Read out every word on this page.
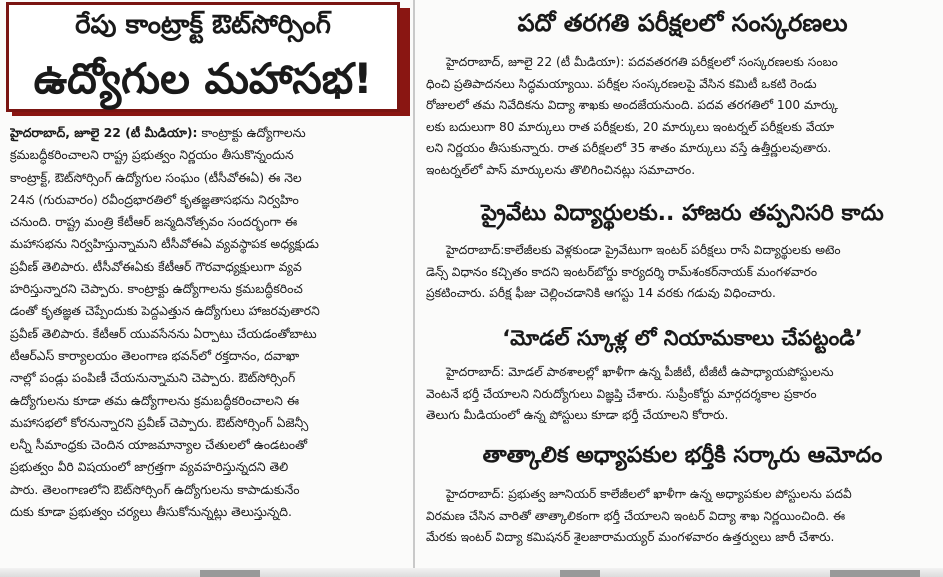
రేపు కాంట్రాక్ట్ ఔట్‌సోర్సింగ్
ఉద్యోగుల మహాసభ!
హైదరాబాద్, జూలై 22 (టీ మీడియా): కాంట్రాక్టు ఉద్యోగాలను
క్రమబద్ధీకరించాలని రాష్ట్ర ప్రభుత్వం నిర్ణయం తీసుకొన్నందున
కాంట్రాక్ట్, ఔట్‌సోర్సింగ్ ఉద్యోగుల సంఘం (టీసీవోఈఏ) ఈ నెల
24న (గురువారం) రవీంద్రభారతిలో కృతజ్ఞతాసభను నిర్వహిం
చనుంది. రాష్ట్ర మంత్రి కేటీఆర్ జన్మదినోత్సవం సందర్భంగా ఈ
మహాసభను నిర్వహిస్తున్నామని టీసీవోఈఏ వ్యవస్థాపక అధ్యక్షుడు
ప్రవీణ్ తెలిపారు. టీసీవోఈఏకు కేటీఆర్ గౌరవాధ్యక్షులుగా వ్యవ
హరిస్తున్నారని చెప్పారు. కాంట్రాక్టు ఉద్యోగాలను క్రమబద్ధీకరించ
డంతో కృతజ్ఞత చెప్పేందుకు పెద్దఎత్తున ఉద్యోగులు హాజరవుతారని
ప్రవీణ్ తెలిపారు. కేటీఆర్ యువసేనను ఏర్పాటు చేయడంతోబాటు
టీఆర్ఎస్ కార్యాలయం తెలంగాణ భవన్‌లో రక్తదానం, దవాఖా
నాల్లో పండ్లు పంపిణీ చేయనున్నామని చెప్పారు. ఔట్‌సోర్సింగ్
ఉద్యోగులను కూడా తమ ఉద్యోగాలను క్రమబద్ధీకరించాలని ఈ
మహాసభలో కోరనున్నారని ప్రవీణ్ చెప్పారు. ఔట్‌సోర్సింగ్ ఏజెన్సీ
లన్నీ సీమాంధ్రకు చెందిన యాజమాన్యాల చేతులలో ఉండటంతో
ప్రభుత్వం వీరి విషయంలో జాగ్రత్తగా వ్యవహరిస్తున్నదని తెలి
పారు. తెలంగాణలోని ఔట్‌సోర్సింగ్ ఉద్యోగులను కాపాడుకునేం
దుకు కూడా ప్రభుత్వం చర్యలు తీసుకోనున్నట్లు తెలుస్తున్నది.
పదో తరగతి పరీక్షలలో సంస్కరణలు
హైదరాబాద్, జూలై 22 (టీ మీడియా): పదవతరగతి పరీక్షలలో సంస్కరణలకు సంబం
ధించి ప్రతిపాదనలు సిద్ధమయ్యాయి. పరీక్షల సంస్కరణలపై వేసిన కమిటీ ఒకటి రెండు
రోజులలో తమ నివేదికను విద్యా శాఖకు అందజేయనుంది. పదవ తరగతిలో 100 మార్కు
లకు బదులుగా 80 మార్కులు రాత పరీక్షలకు, 20 మార్కులు ఇంటర్నల్ పరీక్షలకు వేయా
లని నిర్ణయం తీసుకున్నారు. రాత పరీక్షలలో 35 శాతం మార్కులు వస్తే ఉత్తీర్ణులవుతారు.
ఇంటర్నల్‌లో పాస్ మార్కులను తొలిగించినట్లు సమాచారం.
ప్రైవేటు విద్యార్థులకు.. హాజరు తప్పనిసరి కాదు
హైదరాబాద్:కాలేజీలకు వెళ్లకుండా ప్రైవేటుగా ఇంటర్ పరీక్షలు రాసే విద్యార్థులకు అటెం
డెన్స్ విధానం కచ్చితం కాదని ఇంటర్‌బోర్డు కార్యదర్శి రామ్‌శంకర్‌నాయక్ మంగళవారం
ప్రకటించారు. పరీక్ష ఫీజు చెల్లించడానికి ఆగస్టు 14 వరకు గడువు విధించారు.
‘మోడల్ స్కూళ్ల లో నియామకాలు చేపట్టండి’
హైదరాబాద్: మోడల్ పాఠశాలల్లో ఖాళీగా ఉన్న పీజీటీ, టీజీటీ ఉపాధ్యాయపోస్టులను
వెంటనే భర్తీ చేయాలని నిరుద్యోగులు విజ్ఞప్తి చేశారు. సుప్రీంకోర్టు మార్గదర్శకాల ప్రకారం
తెలుగు మీడియంలో ఉన్న పోస్టులు కూడా భర్తీ చేయాలని కోరారు.
తాత్కాలిక అధ్యాపకుల భర్తీకి సర్కారు ఆమోదం
హైదరాబాద్: ప్రభుత్వ జూనియర్ కాలేజీలలో ఖాళీగా ఉన్న అధ్యాపకుల పోస్టులను పదవీ
విరమణ చేసిన వారితో తాత్కాలికంగా భర్తీ చేయాలని ఇంటర్ విద్యా శాఖ నిర్ణయించింది. ఈ
మేరకు ఇంటర్ విద్యా కమిషనర్ శైలజారామయ్యర్ మంగళవారం ఉత్తర్వులు జారీ చేశారు.
